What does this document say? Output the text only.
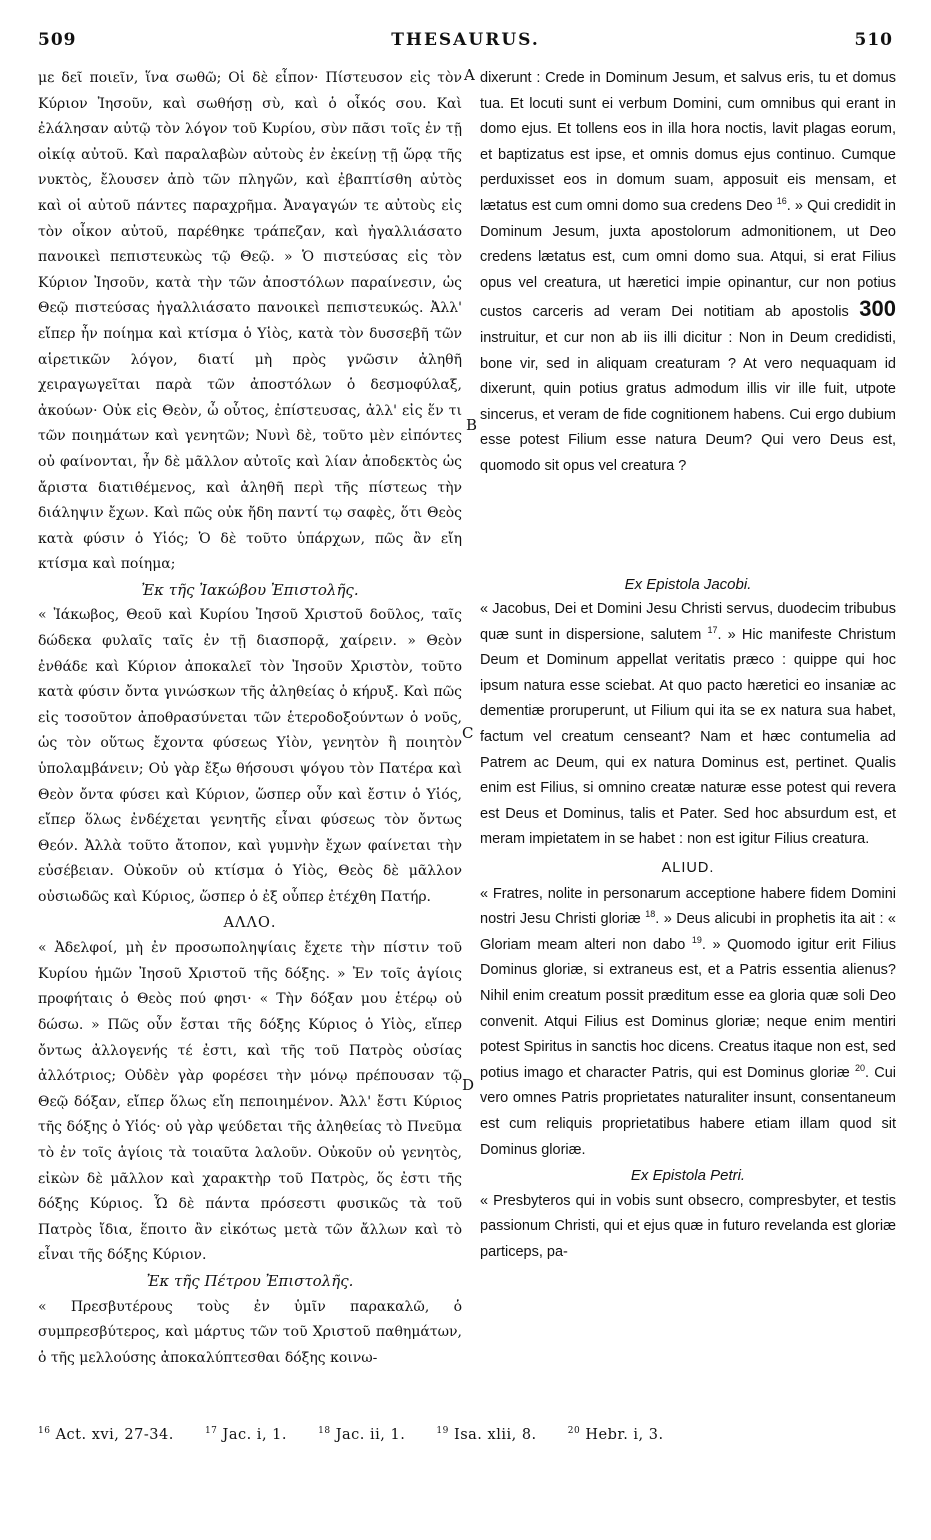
509	THESAURUS.	510

με δεῖ ποιεῖν, ἵνα σωθῶ; Οἱ δὲ εἶπον· Πίστευσον εἰς τὸν Κύριον Ἰησοῦν, καὶ σωθήσῃ σὺ, καὶ ὁ οἶκός σου. Καὶ ἐλάλησαν αὐτῷ τὸν λόγον τοῦ Κυρίου, σὺν πᾶσι τοῖς ἐν τῇ οἰκίᾳ αὐτοῦ. Καὶ παραλαβὼν αὐτοὺς ἐν ἐκείνῃ τῇ ὥρᾳ τῆς νυκτὸς, ἔλουσεν ἀπὸ τῶν πληγῶν, καὶ ἐβαπτίσθη αὐτὸς καὶ οἱ αὐτοῦ πάντες παραχρῆμα. Ἀναγαγών τε αὐτοὺς εἰς τὸν οἶκον αὐτοῦ, παρέθηκε τράπεζαν, καὶ ἠγαλλιάσατο πανοικεὶ πεπιστευκὼς τῷ Θεῷ. » Ὁ πιστεύσας εἰς τὸν Κύριον Ἰησοῦν, κατὰ τὴν τῶν ἀποστόλων παραίνεσιν, ὡς Θεῷ πιστεύσας ἠγαλλιάσατο πανοικεὶ πεπιστευκώς. Ἀλλ' εἴπερ ἦν ποίημα καὶ κτίσμα ὁ Υἱὸς, κατὰ τὸν δυσσεβῆ τῶν αἱρετικῶν λόγον, διατί μὴ πρὸς γνῶσιν ἀληθῆ χειραγωγεῖται παρὰ τῶν ἀποστόλων ὁ δεσμοφύλαξ, ἀκούων· Οὐκ εἰς Θεὸν, ὦ οὗτος, ἐπίστευσας, ἀλλ' εἰς ἕν τι τῶν ποιημάτων καὶ γενητῶν; Νυνὶ δὲ, τοῦτο μὲν εἰπόντες οὐ φαίνονται, ἦν δὲ μᾶλλον αὐτοῖς καὶ λίαν ἀποδεκτὸς ὡς ἄριστα διατιθέμενος, καὶ ἀληθῆ περὶ τῆς πίστεως τὴν διάληψιν ἔχων. Καὶ πῶς οὐκ ἤδη παντί τῳ σαφὲς, ὅτι Θεὸς κατὰ φύσιν ὁ Υἱός; Ὁ δὲ τοῦτο ὑπάρχων, πῶς ἂν εἴη κτίσμα καὶ ποίημα;

Ἐκ τῆς Ἰακώβου Ἐπιστολῆς.

« Ἰάκωβος, Θεοῦ καὶ Κυρίου Ἰησοῦ Χριστοῦ δοῦλος, ταῖς δώδεκα φυλαῖς ταῖς ἐν τῇ διασπορᾷ, χαίρειν. » Θεὸν ἐνθάδε καὶ Κύριον ἀποκαλεῖ τὸν Ἰησοῦν Χριστὸν, τοῦτο κατὰ φύσιν ὄντα γινώσκων τῆς ἀληθείας ὁ κήρυξ. Καὶ πῶς εἰς τοσοῦτον ἀποθρασύνεται τῶν ἑτεροδοξούντων ὁ νοῦς, ὡς τὸν οὕτως ἔχοντα φύσεως Υἱὸν, γενητὸν ἢ ποιητὸν ὑπολαμβάνειν; Οὐ γὰρ ἔξω θήσουσι ψόγου τὸν Πατέρα καὶ Θεὸν ὄντα φύσει καὶ Κύριον, ὥσπερ οὖν καὶ ἔστιν ὁ Υἱός, εἴπερ ὅλως ἐνδέχεται γενητῆς εἶναι φύσεως τὸν ὄντως Θεόν. Ἀλλὰ τοῦτο ἄτοπον, καὶ γυμνὴν ἔχων φαίνεται τὴν εὐσέβειαν. Οὐκοῦν οὐ κτίσμα ὁ Υἱὸς, Θεὸς δὲ μᾶλλον οὐσιωδῶς καὶ Κύριος, ὥσπερ ὁ ἐξ οὗπερ ἐτέχθη Πατήρ.

ΑΛΛΟ.

« Ἀδελφοί, μὴ ἐν προσωποληψίαις ἔχετε τὴν πίστιν τοῦ Κυρίου ἡμῶν Ἰησοῦ Χριστοῦ τῆς δόξης. » Ἐν τοῖς ἁγίοις προφήταις ὁ Θεὸς πού φησι· « Τὴν δόξαν μου ἑτέρῳ οὐ δώσω. » Πῶς οὖν ἔσται τῆς δόξης Κύριος ὁ Υἱὸς, εἴπερ ὄντως ἀλλογενής τέ ἐστι, καὶ τῆς τοῦ Πατρὸς οὐσίας ἀλλότριος; Οὐδὲν γὰρ φορέσει τὴν μόνῳ πρέπουσαν τῷ Θεῷ δόξαν, εἴπερ ὅλως εἴη πεποιημένον. Ἀλλ' ἔστι Κύριος τῆς δόξης ὁ Υἱός· οὐ γὰρ ψεύδεται τῆς ἀληθείας τὸ Πνεῦμα τὸ ἐν τοῖς ἁγίοις τὰ τοιαῦτα λαλοῦν. Οὐκοῦν οὐ γενητὸς, εἰκὼν δὲ μᾶλλον καὶ χαρακτὴρ τοῦ Πατρὸς, ὅς ἐστι τῆς δόξης Κύριος. Ὧ δὲ πάντα πρόσεστι φυσικῶς τὰ τοῦ Πατρὸς ἴδια, ἕποιτο ἂν εἰκότως μετὰ τῶν ἄλλων καὶ τὸ εἶναι τῆς δόξης Κύριον.

Ἐκ τῆς Πέτρου Ἐπιστολῆς.

« Πρεσβυτέρους τοὺς ἐν ὑμῖν παρακαλῶ, ὁ συμπρεσβύτερος, καὶ μάρτυς τῶν τοῦ Χριστοῦ παθημάτων, ὁ τῆς μελλούσης ἀποκαλύπτεσθαι δόξης κοινω-

A
B
C
D

dixerunt : Crede in Dominum Jesum, et salvus eris, tu et domus tua. Et locuti sunt ei verbum Domini, cum omnibus qui erant in domo ejus. Et tollens eos in illa hora noctis, lavit plagas eorum, et baptizatus est ipse, et omnis domus ejus continuo. Cumque perduxisset eos in domum suam, apposuit eis mensam, et lætatus est cum omni domo sua credens Deo $^{16}$. » Qui credidit in Dominum Jesum, juxta apostolorum admonitionem, ut Deo credens lætatus est, cum omni domo sua. Atqui, si erat Filius opus vel creatura, ut hæretici impie opinantur, cur non potius custos carceris ad veram Dei notitiam ab apostolis 300 instruitur, et cur non ab iis illi dicitur : Non in Deum credidisti, bone vir, sed in aliquam creaturam ? At vero nequaquam id dixerunt, quin potius gratus admodum illis vir ille fuit, utpote sincerus, et veram de fide cognitionem habens. Cui ergo dubium esse potest Filium esse natura Deum? Qui vero Deus est, quomodo sit opus vel creatura ?

Ex Epistola Jacobi.

« Jacobus, Dei et Domini Jesu Christi servus, duodecim tribubus quæ sunt in dispersione, salutem $^{17}$. » Hic manifeste Christum Deum et Dominum appellat veritatis præco : quippe qui hoc ipsum natura esse sciebat. At quo pacto hæretici eo insaniæ ac dementiæ proruperunt, ut Filium qui ita se ex natura sua habet, factum vel creatum censeant? Nam et hæc contumelia ad Patrem ac Deum, qui ex natura Dominus est, pertinet. Qualis enim est Filius, si omnino creatæ naturæ esse potest qui revera est Deus et Dominus, talis et Pater. Sed hoc absurdum est, et meram impietatem in se habet : non est igitur Filius creatura.

ALIUD.

« Fratres, nolite in personarum acceptione habere fidem Domini nostri Jesu Christi gloriæ $^{18}$. » Deus alicubi in prophetis ita ait : « Gloriam meam alteri non dabo $^{19}$. » Quomodo igitur erit Filius Dominus gloriæ, si extraneus est, et a Patris essentia alienus? Nihil enim creatum possit præditum esse ea gloria quæ soli Deo convenit. Atqui Filius est Dominus gloriæ; neque enim mentiri potest Spiritus in sanctis hoc dicens. Creatus itaque non est, sed potius imago et character Patris, qui est Dominus gloriæ $^{20}$. Cui vero omnes Patris proprietates naturaliter insunt, consentaneum est cum reliquis proprietatibus habere etiam illam quod sit Dominus gloriæ.

Ex Epistola Petri.

« Presbyteros qui in vobis sunt obsecro, compresbyter, et testis passionum Christi, qui et ejus quæ in futuro revelanda est gloriæ particeps, pa-

$^{16}$ Act. xvi, 27-34.	$^{17}$ Jac. i, 1.	$^{18}$ Jac. ii, 1.	$^{19}$ Isa. xlii, 8.	$^{20}$ Hebr. i, 3.
